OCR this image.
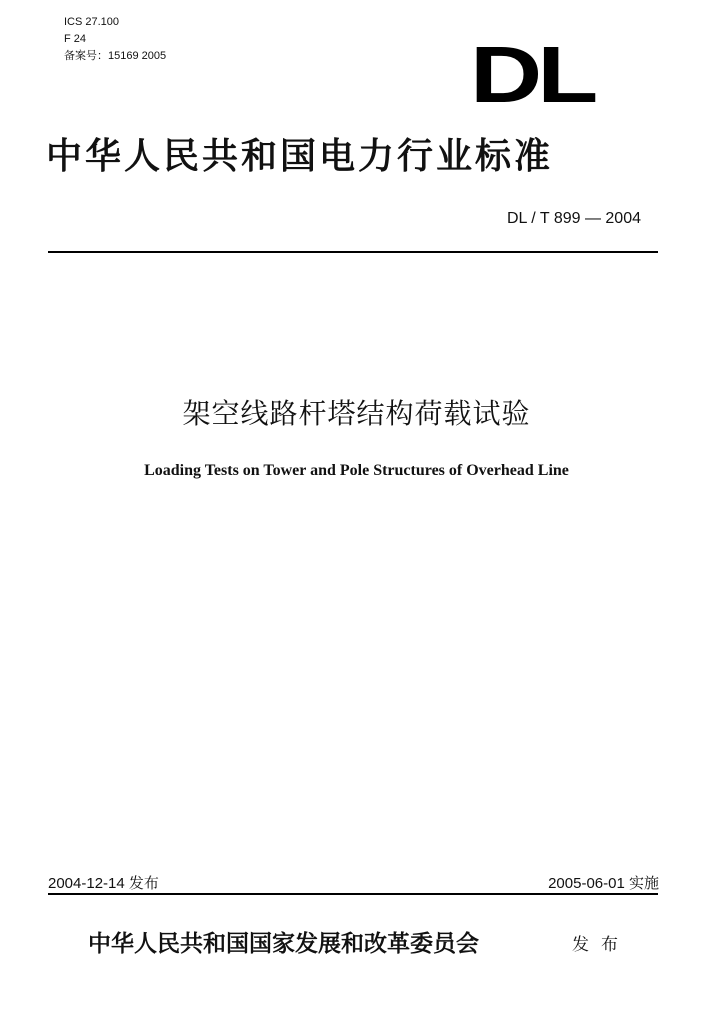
ICS 27.100
F 24
备案号：15169 2005	DL
中华人民共和国电力行业标准
DL / T 899 — 2004
架空线路杆塔结构荷载试验
Loading Tests on Tower and Pole Structures of Overhead Line
2004-12-14 发布	2005-06-01 实施
中华人民共和国国家发展和改革委员会	发布
